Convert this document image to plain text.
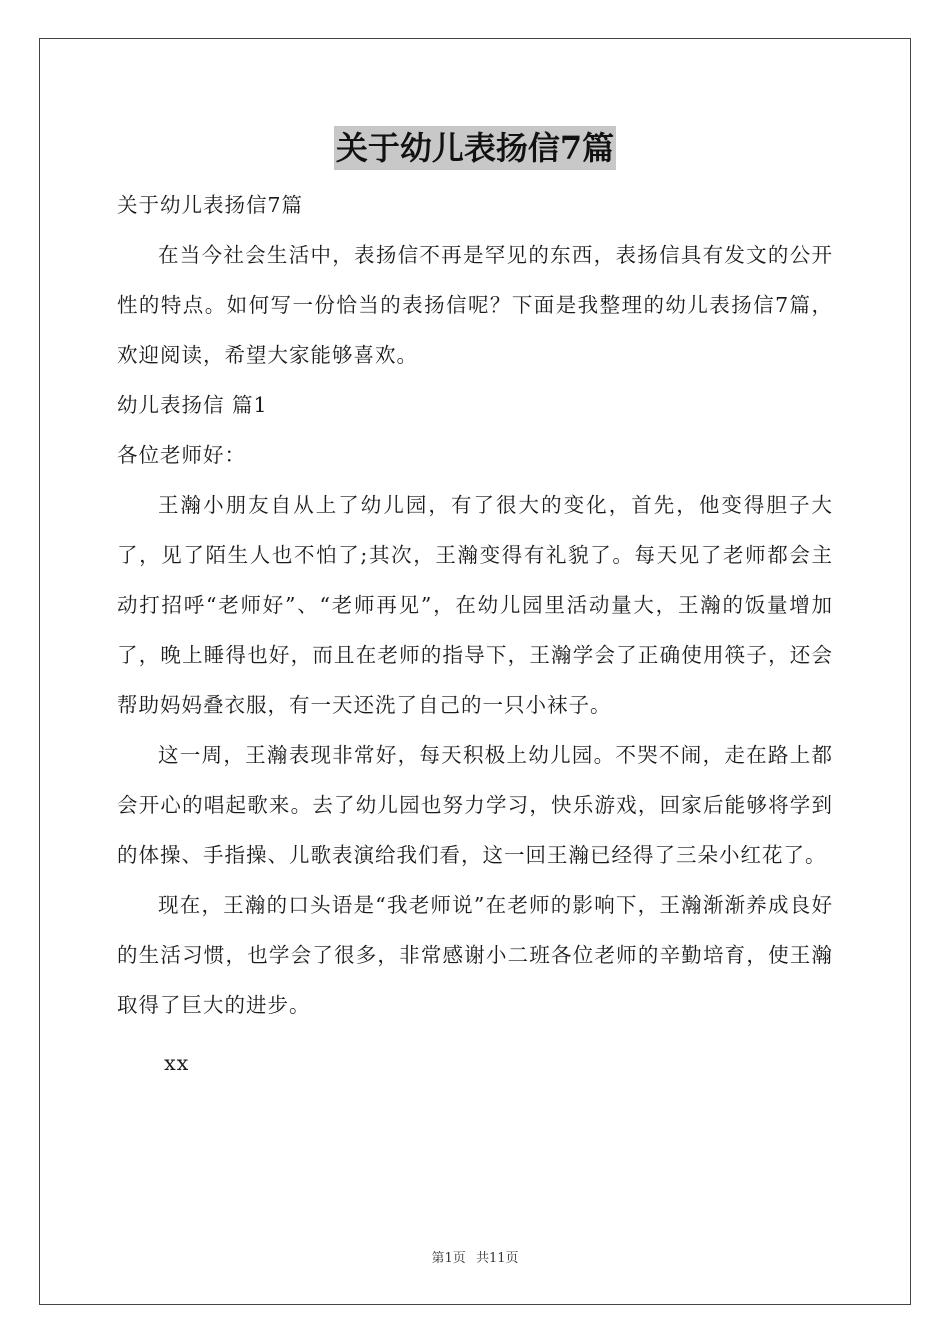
关于幼儿表扬信7篇

关于幼儿表扬信7篇

在当今社会生活中，表扬信不再是罕见的东西，表扬信具有发文的公开性的特点。如何写一份恰当的表扬信呢？下面是我整理的幼儿表扬信7篇，欢迎阅读，希望大家能够喜欢。

幼儿表扬信 篇1

各位老师好：

王瀚小朋友自从上了幼儿园，有了很大的变化，首先，他变得胆子大了，见了陌生人也不怕了;其次，王瀚变得有礼貌了。每天见了老师都会主动打招呼“老师好”、“老师再见”，在幼儿园里活动量大，王瀚的饭量增加了，晚上睡得也好，而且在老师的指导下，王瀚学会了正确使用筷子，还会帮助妈妈叠衣服，有一天还洗了自己的一只小袜子。

这一周，王瀚表现非常好，每天积极上幼儿园。不哭不闹，走在路上都会开心的唱起歌来。去了幼儿园也努力学习，快乐游戏，回家后能够将学到的体操、手指操、儿歌表演给我们看，这一回王瀚已经得了三朵小红花了。

现在，王瀚的口头语是“我老师说”在老师的影响下，王瀚渐渐养成良好的生活习惯，也学会了很多，非常感谢小二班各位老师的辛勤培育，使王瀚取得了巨大的进步。

xx

第1页 共11页
